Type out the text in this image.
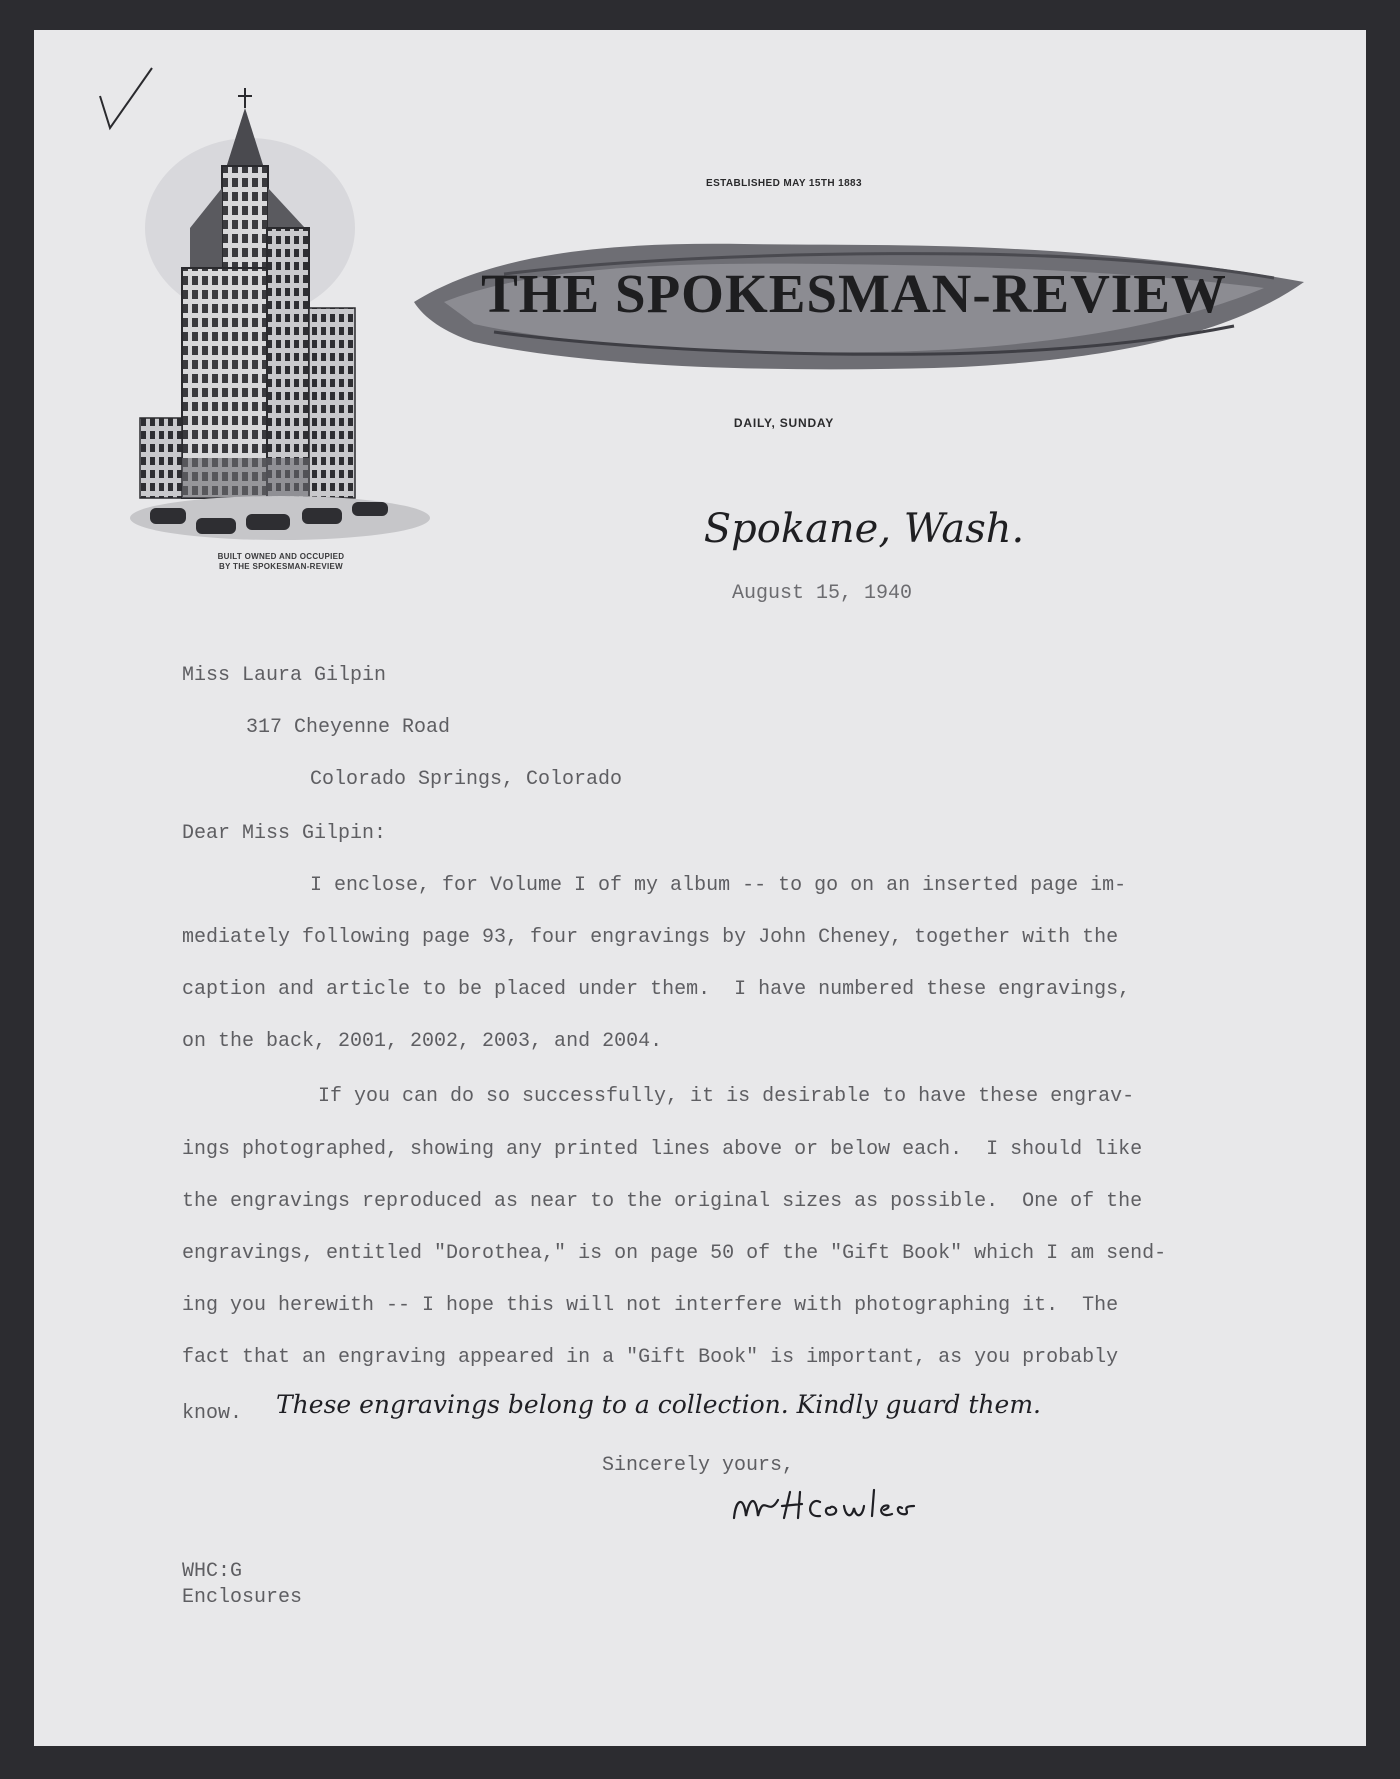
BUILT OWNED AND OCCUPIED
BY THE SPOKESMAN-REVIEW
ESTABLISHED MAY 15TH 1883
THE SPOKESMAN-REVIEW
DAILY, SUNDAY
Spokane, Wash.
August 15, 1940
Miss Laura Gilpin
317 Cheyenne Road
Colorado Springs, Colorado
Dear Miss Gilpin:
I enclose, for Volume I of my album -- to go on an inserted page im-
mediately following page 93, four engravings by John Cheney, together with the
caption and article to be placed under them.  I have numbered these engravings,
on the back, 2001, 2002, 2003, and 2004.
If you can do so successfully, it is desirable to have these engrav-
ings photographed, showing any printed lines above or below each.  I should like
the engravings reproduced as near to the original sizes as possible.  One of the
engravings, entitled "Dorothea," is on page 50 of the "Gift Book" which I am send-
ing you herewith -- I hope this will not interfere with photographing it.  The
fact that an engraving appeared in a "Gift Book" is important, as you probably
know. These engravings belong to a collection. Kindly guard them.
Sincerely yours,
WHC:G
Enclosures
